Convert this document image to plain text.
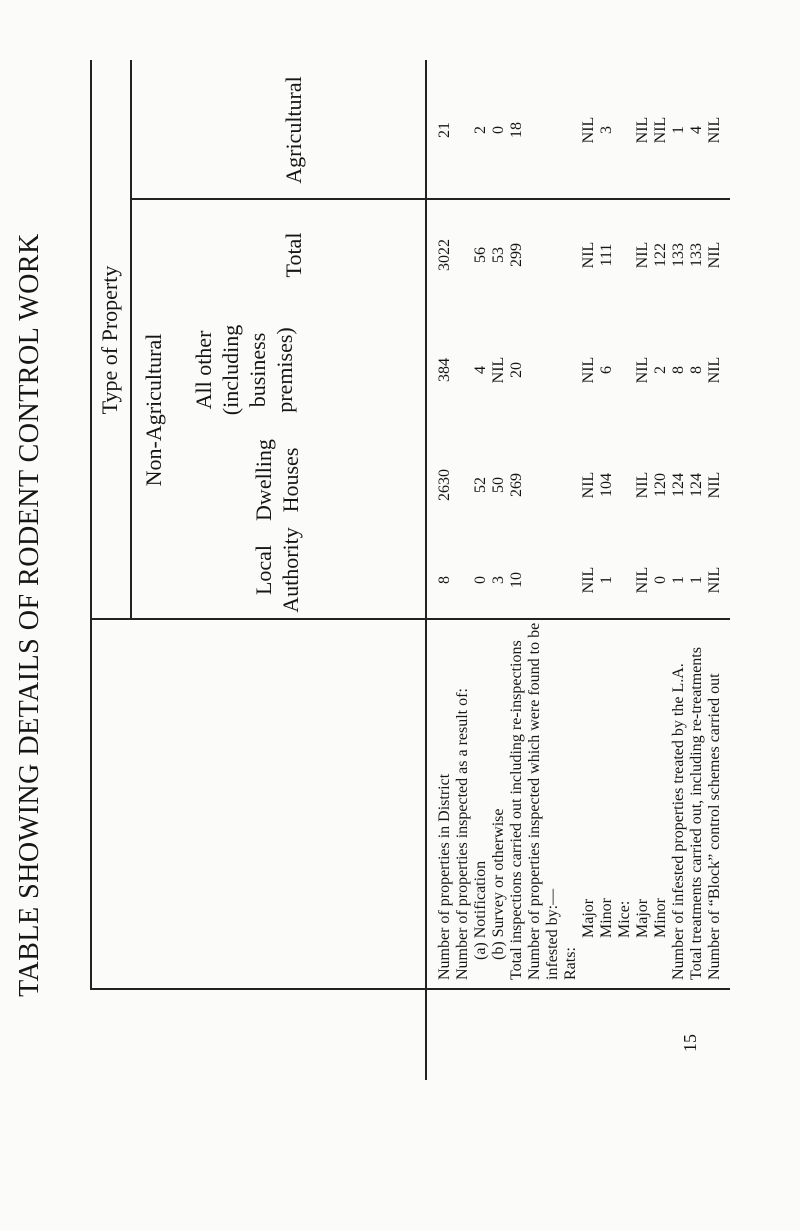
TABLE SHOWING DETAILS OF RODENT CONTROL WORK Type of Property Non-Agricultural
Local Authority
Dwelling Houses
All other (including business premises)
Total
Agricultural
Number of properties in District
8
2630
384
3022
21
Number of properties inspected as a result of: (a) Notification
0
52
4
56
2
(b) Survey or otherwise
3
50
NIL
53
0
Total inspections carried out including re-inspections
10
269
20
299
18
Number of properties inspected which were found to be infested by:— Rats:
Major
NIL
NIL
NIL
NIL
NIL
Minor
1
104
6
111
3
Mice: Major
NIL
NIL
NIL
NIL
NIL
Minor
0
120
2
122
NIL
Number of infested properties treated by the L.A.
1
124
8
133
1
Total treatments carried out, including re-treatments
1
124
8
133
4
Number of “Block” control schemes carried out
NIL
NIL
NIL
NIL
NIL
15
